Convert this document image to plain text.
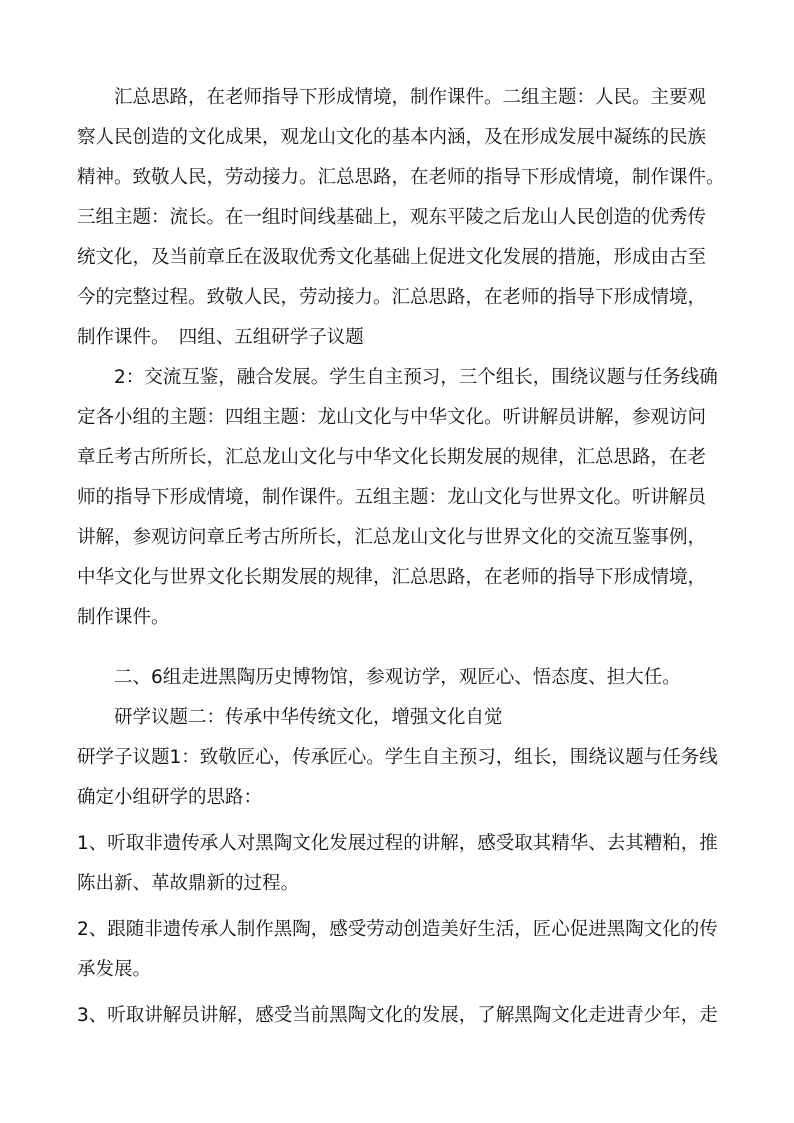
汇总思路，在老师指导下形成情境，制作课件。二组主题：人民。主要观
察人民创造的文化成果，观龙山文化的基本内涵，及在形成发展中凝练的民族
精神。致敬人民，劳动接力。汇总思路，在老师的指导下形成情境，制作课件。
三组主题：流长。在一组时间线基础上，观东平陵之后龙山人民创造的优秀传
统文化，及当前章丘在汲取优秀文化基础上促进文化发展的措施，形成由古至
今的完整过程。致敬人民，劳动接力。汇总思路，在老师的指导下形成情境，
制作课件。　四组、五组研学子议题
2：交流互鉴，融合发展。学生自主预习，三个组长，围绕议题与任务线确
定各小组的主题：四组主题：龙山文化与中华文化。听讲解员讲解，参观访问
章丘考古所所长，汇总龙山文化与中华文化长期发展的规律，汇总思路，在老
师的指导下形成情境，制作课件。五组主题：龙山文化与世界文化。听讲解员
讲解，参观访问章丘考古所所长，汇总龙山文化与世界文化的交流互鉴事例，
中华文化与世界文化长期发展的规律，汇总思路，在老师的指导下形成情境，
制作课件。
二、6组走进黑陶历史博物馆，参观访学，观匠心、悟态度、担大任。
研学议题二：传承中华传统文化，增强文化自觉
研学子议题1：致敬匠心，传承匠心。学生自主预习，组长，围绕议题与任务线
确定小组研学的思路：
1、听取非遗传承人对黑陶文化发展过程的讲解，感受取其精华、去其糟粕，推
陈出新、革故鼎新的过程。
2、跟随非遗传承人制作黑陶，感受劳动创造美好生活，匠心促进黑陶文化的传
承发展。
3、听取讲解员讲解，感受当前黑陶文化的发展，了解黑陶文化走进青少年，走
